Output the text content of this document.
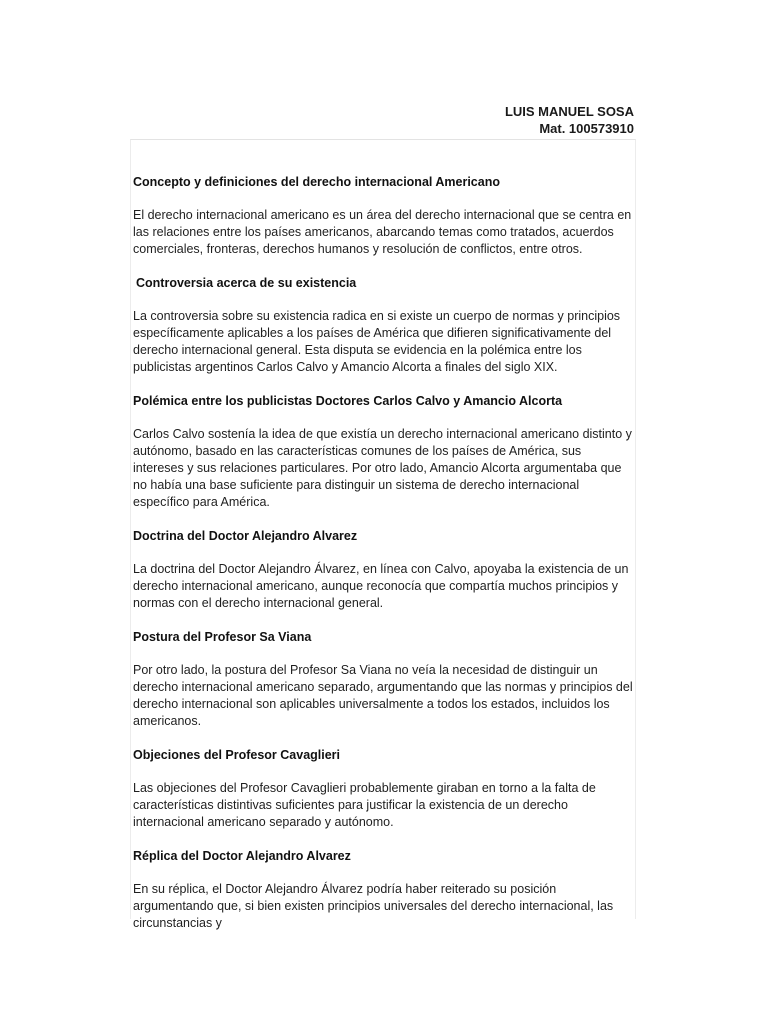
LUIS MANUEL SOSA
Mat. 100573910
Concepto y definiciones del derecho internacional Americano
El derecho internacional americano es un área del derecho internacional que se centra en las relaciones entre los países americanos, abarcando temas como tratados, acuerdos comerciales, fronteras, derechos humanos y resolución de conflictos, entre otros.
Controversia acerca de su existencia
La controversia sobre su existencia radica en si existe un cuerpo de normas y principios específicamente aplicables a los países de América que difieren significativamente del derecho internacional general. Esta disputa se evidencia en la polémica entre los publicistas argentinos Carlos Calvo y Amancio Alcorta a finales del siglo XIX.
Polémica entre los publicistas Doctores Carlos Calvo y Amancio Alcorta
Carlos Calvo sostenía la idea de que existía un derecho internacional americano distinto y autónomo, basado en las características comunes de los países de América, sus intereses y sus relaciones particulares. Por otro lado, Amancio Alcorta argumentaba que no había una base suficiente para distinguir un sistema de derecho internacional específico para América.
Doctrina del Doctor Alejandro Alvarez
La doctrina del Doctor Alejandro Álvarez, en línea con Calvo, apoyaba la existencia de un derecho internacional americano, aunque reconocía que compartía muchos principios y normas con el derecho internacional general.
Postura del Profesor Sa Viana
Por otro lado, la postura del Profesor Sa Viana no veía la necesidad de distinguir un derecho internacional americano separado, argumentando que las normas y principios del derecho internacional son aplicables universalmente a todos los estados, incluidos los americanos.
Objeciones del Profesor Cavaglieri
Las objeciones del Profesor Cavaglieri probablemente giraban en torno a la falta de características distintivas suficientes para justificar la existencia de un derecho internacional americano separado y autónomo.
Réplica del Doctor Alejandro Alvarez
En su réplica, el Doctor Alejandro Álvarez podría haber reiterado su posición argumentando que, si bien existen principios universales del derecho internacional, las circunstancias y
